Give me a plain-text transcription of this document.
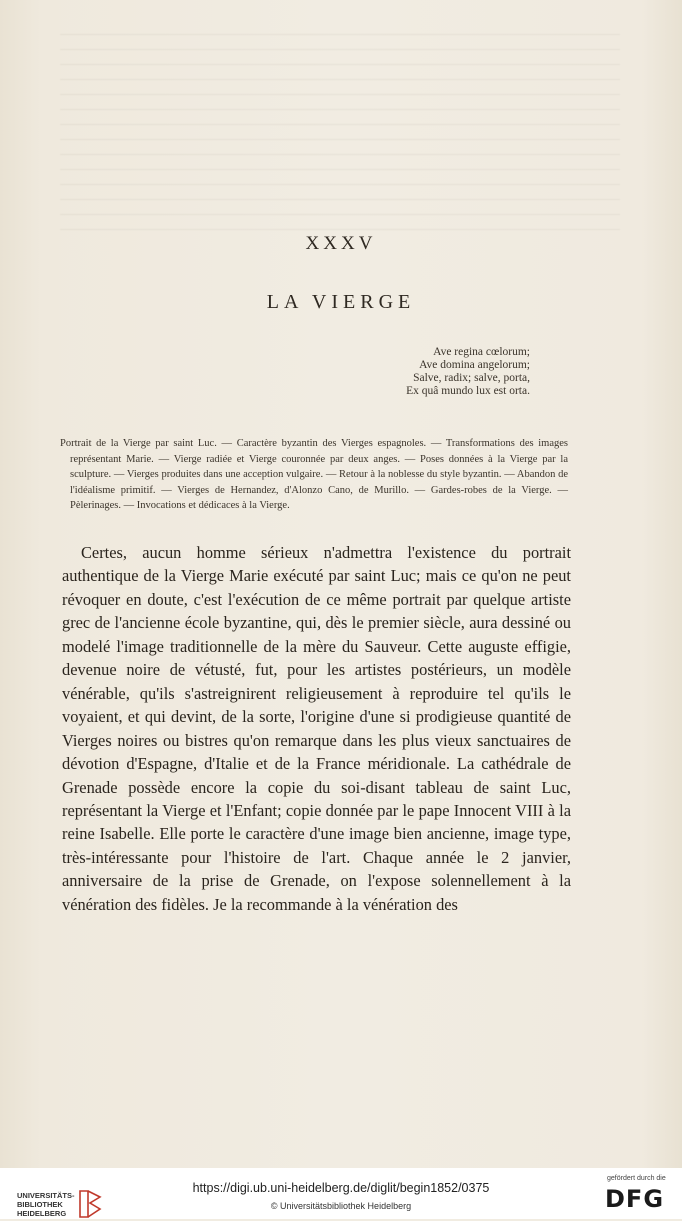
XXXV
LA VIERGE
Ave regina cœlorum;
Ave domina angelorum;
Salve, radix; salve, porta,
Ex quâ mundo lux est orta.

Portrait de la Vierge par saint Luc. — Caractère byzantin des Vierges espagnoles. — Transformations des images représentant Marie. — Vierge radiée et Vierge couronnée par deux anges. — Poses données à la Vierge par la sculpture. — Vierges produites dans une acception vulgaire. — Retour à la noblesse du style byzantin. — Abandon de l'idéalisme primitif. — Vierges de Hernandez, d'Alonzo Cano, de Murillo. — Gardes-robes de la Vierge. — Pèlerinages. — Invocations et dédicaces à la Vierge.

Certes, aucun homme sérieux n'admettra l'existence du portrait authentique de la Vierge Marie exécuté par saint Luc; mais ce qu'on ne peut révoquer en doute, c'est l'exécution de ce même portrait par quelque artiste grec de l'ancienne école byzantine, qui, dès le premier siècle, aura dessiné ou modelé l'image traditionnelle de la mère du Sauveur. Cette auguste effigie, devenue noire de vétusté, fut, pour les artistes postérieurs, un modèle vénérable, qu'ils s'astreignirent religieusement à reproduire tel qu'ils le voyaient, et qui devint, de la sorte, l'origine d'une si prodigieuse quantité de Vierges noires ou bistres qu'on remarque dans les plus vieux sanctuaires de dévotion d'Espagne, d'Italie et de la France méridionale. La cathédrale de Grenade possède encore la copie du soi-disant tableau de saint Luc, représentant la Vierge et l'Enfant; copie donnée par le pape Innocent VIII à la reine Isabelle. Elle porte le caractère d'une image bien ancienne, image type, très-intéressante pour l'histoire de l'art. Chaque année le 2 janvier, anniversaire de la prise de Grenade, on l'expose solennellement à la vénération des fidèles. Je la recommande à la vénération des

UNIVERSITÄTS-
BIBLIOTHEK
HEIDELBERG
https://digi.ub.uni-heidelberg.de/diglit/begin1852/0375
© Universitätsbibliothek Heidelberg
gefördert durch die
DFG
